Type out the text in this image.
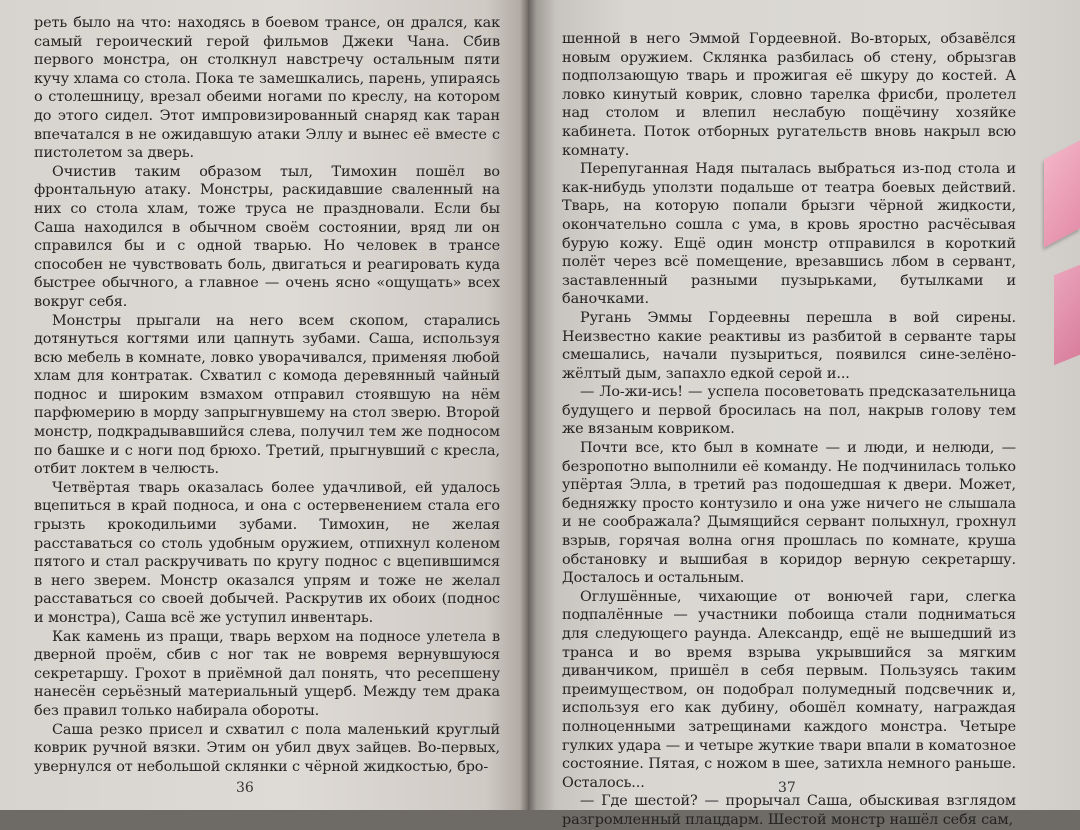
реть было на что: находясь в боевом трансе, он дрался, как самый героический герой фильмов Джеки Чана. Сбив первого монстра, он столкнул навстречу остальным пяти кучу хлама со стола. Пока те замешкались, парень, упираясь о столешницу, врезал обеими ногами по креслу, на котором до этого сидел. Этот импровизированный снаряд как таран впечатался в не ожидавшую атаки Эллу и вынес её вместе с пистолетом за дверь.

Очистив таким образом тыл, Тимохин пошёл во фронтальную атаку. Монстры, раскидавшие сваленный на них со стола хлам, тоже труса не праздновали. Если бы Саша находился в обычном своём состоянии, вряд ли он справился бы и с одной тварью. Но человек в трансе способен не чувствовать боль, двигаться и реагировать куда быстрее обычного, а главное — очень ясно «ощущать» всех вокруг себя.

Монстры прыгали на него всем скопом, старались дотянуться когтями или цапнуть зубами. Саша, используя всю мебель в комнате, ловко уворачивался, применяя любой хлам для контратак. Схватил с комода деревянный чайный поднос и широким взмахом отправил стоявшую на нём парфюмерию в морду запрыгнувшему на стол зверю. Второй монстр, подкрадывавшийся слева, получил тем же подносом по башке и с ноги под брюхо. Третий, прыгнувший с кресла, отбит локтем в челюсть.

Четвёртая тварь оказалась более удачливой, ей удалось вцепиться в край подноса, и она с остервенением стала его грызть крокодильими зубами. Тимохин, не желая расставаться со столь удобным оружием, отпихнул коленом пятого и стал раскручивать по кругу поднос с вцепившимся в него зверем. Монстр оказался упрям и тоже не желал расставаться со своей добычей. Раскрутив их обоих (поднос и монстра), Саша всё же уступил инвентарь.

Как камень из пращи, тварь верхом на подносе улетела в дверной проём, сбив с ног так не вовремя вернувшуюся секретаршу. Грохот в приёмной дал понять, что ресепшену нанесён серьёзный материальный ущерб. Между тем драка без правил только набирала обороты.

Саша резко присел и схватил с пола маленький круглый коврик ручной вязки. Этим он убил двух зайцев. Во-первых, увернулся от небольшой склянки с чёрной жидкостью, бро-

36

шенной в него Эммой Гордеевной. Во-вторых, обзавёлся новым оружием. Склянка разбилась об стену, обрызгав подползающую тварь и прожигая её шкуру до костей. А ловко кинутый коврик, словно тарелка фрисби, пролетел над столом и влепил неслабую пощёчину хозяйке кабинета. Поток отборных ругательств вновь накрыл всю комнату.

Перепуганная Надя пыталась выбраться из-под стола и как-нибудь уползти подальше от театра боевых действий. Тварь, на которую попали брызги чёрной жидкости, окончательно сошла с ума, в кровь яростно расчёсывая бурую кожу. Ещё один монстр отправился в короткий полёт через всё помещение, врезавшись лбом в сервант, заставленный разными пузырьками, бутылками и баночками.

Ругань Эммы Гордеевны перешла в вой сирены. Неизвестно какие реактивы из разбитой в серванте тары смешались, начали пузыриться, появился сине-зелёно-жёлтый дым, запахло едкой серой и...

— Ло-жи-ись! — успела посоветовать предсказательница будущего и первой бросилась на пол, накрыв голову тем же вязаным ковриком.

Почти все, кто был в комнате — и люди, и нелюди, — безропотно выполнили её команду. Не подчинилась только упёртая Элла, в третий раз подошедшая к двери. Может, бедняжку просто контузило и она уже ничего не слышала и не соображала? Дымящийся сервант полыхнул, грохнул взрыв, горячая волна огня прошлась по комнате, круша обстановку и вышибая в коридор верную секретаршу. Досталось и остальным.

Оглушённые, чихающие от вонючей гари, слегка подпалённые — участники побоища стали подниматься для следующего раунда. Александр, ещё не вышедший из транса и во время взрыва укрывшийся за мягким диванчиком, пришёл в себя первым. Пользуясь таким преимуществом, он подобрал полумедный подсвечник и, используя его как дубину, обошёл комнату, награждая полноценными затрещинами каждого монстра. Четыре гулких удара — и четыре жуткие твари впали в коматозное состояние. Пятая, с ножом в шее, затихла немного раньше. Осталось...

— Где шестой? — прорычал Саша, обыскивая взглядом разгромленный плацдарм. Шестой монстр нашёл себя сам,

37
